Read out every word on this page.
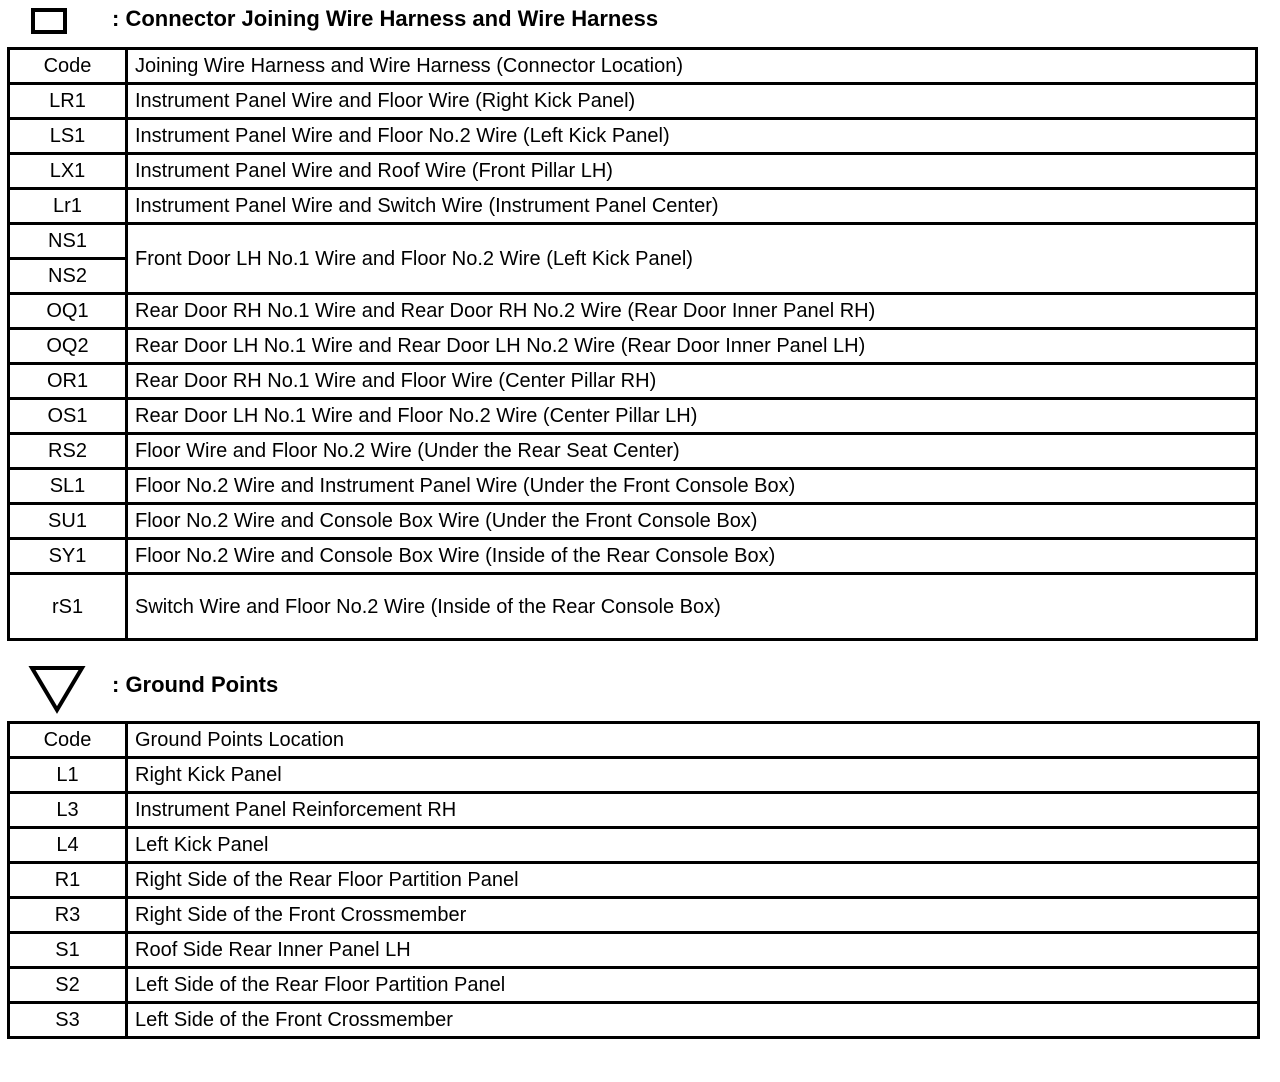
: Connector Joining Wire Harness and Wire Harness
Code	Joining Wire Harness and Wire Harness (Connector Location)
LR1	Instrument Panel Wire and Floor Wire (Right Kick Panel)
LS1	Instrument Panel Wire and Floor No.2 Wire (Left Kick Panel)
LX1	Instrument Panel Wire and Roof Wire (Front Pillar LH)
Lr1	Instrument Panel Wire and Switch Wire (Instrument Panel Center)
NS1	Front Door LH No.1 Wire and Floor No.2 Wire (Left Kick Panel)
NS2	
OQ1	Rear Door RH No.1 Wire and Rear Door RH No.2 Wire (Rear Door Inner Panel RH)
OQ2	Rear Door LH No.1 Wire and Rear Door LH No.2 Wire (Rear Door Inner Panel LH)
OR1	Rear Door RH No.1 Wire and Floor Wire (Center Pillar RH)
OS1	Rear Door LH No.1 Wire and Floor No.2 Wire (Center Pillar LH)
RS2	Floor Wire and Floor No.2 Wire (Under the Rear Seat Center)
SL1	Floor No.2 Wire and Instrument Panel Wire (Under the Front Console Box)
SU1	Floor No.2 Wire and Console Box Wire (Under the Front Console Box)
SY1	Floor No.2 Wire and Console Box Wire (Inside of the Rear Console Box)
rS1	Switch Wire and Floor No.2 Wire (Inside of the Rear Console Box)
: Ground Points
Code	Ground Points Location
L1	Right Kick Panel
L3	Instrument Panel Reinforcement RH
L4	Left Kick Panel
R1	Right Side of the Rear Floor Partition Panel
R3	Right Side of the Front Crossmember
S1	Roof Side Rear Inner Panel LH
S2	Left Side of the Rear Floor Partition Panel
S3	Left Side of the Front Crossmember
